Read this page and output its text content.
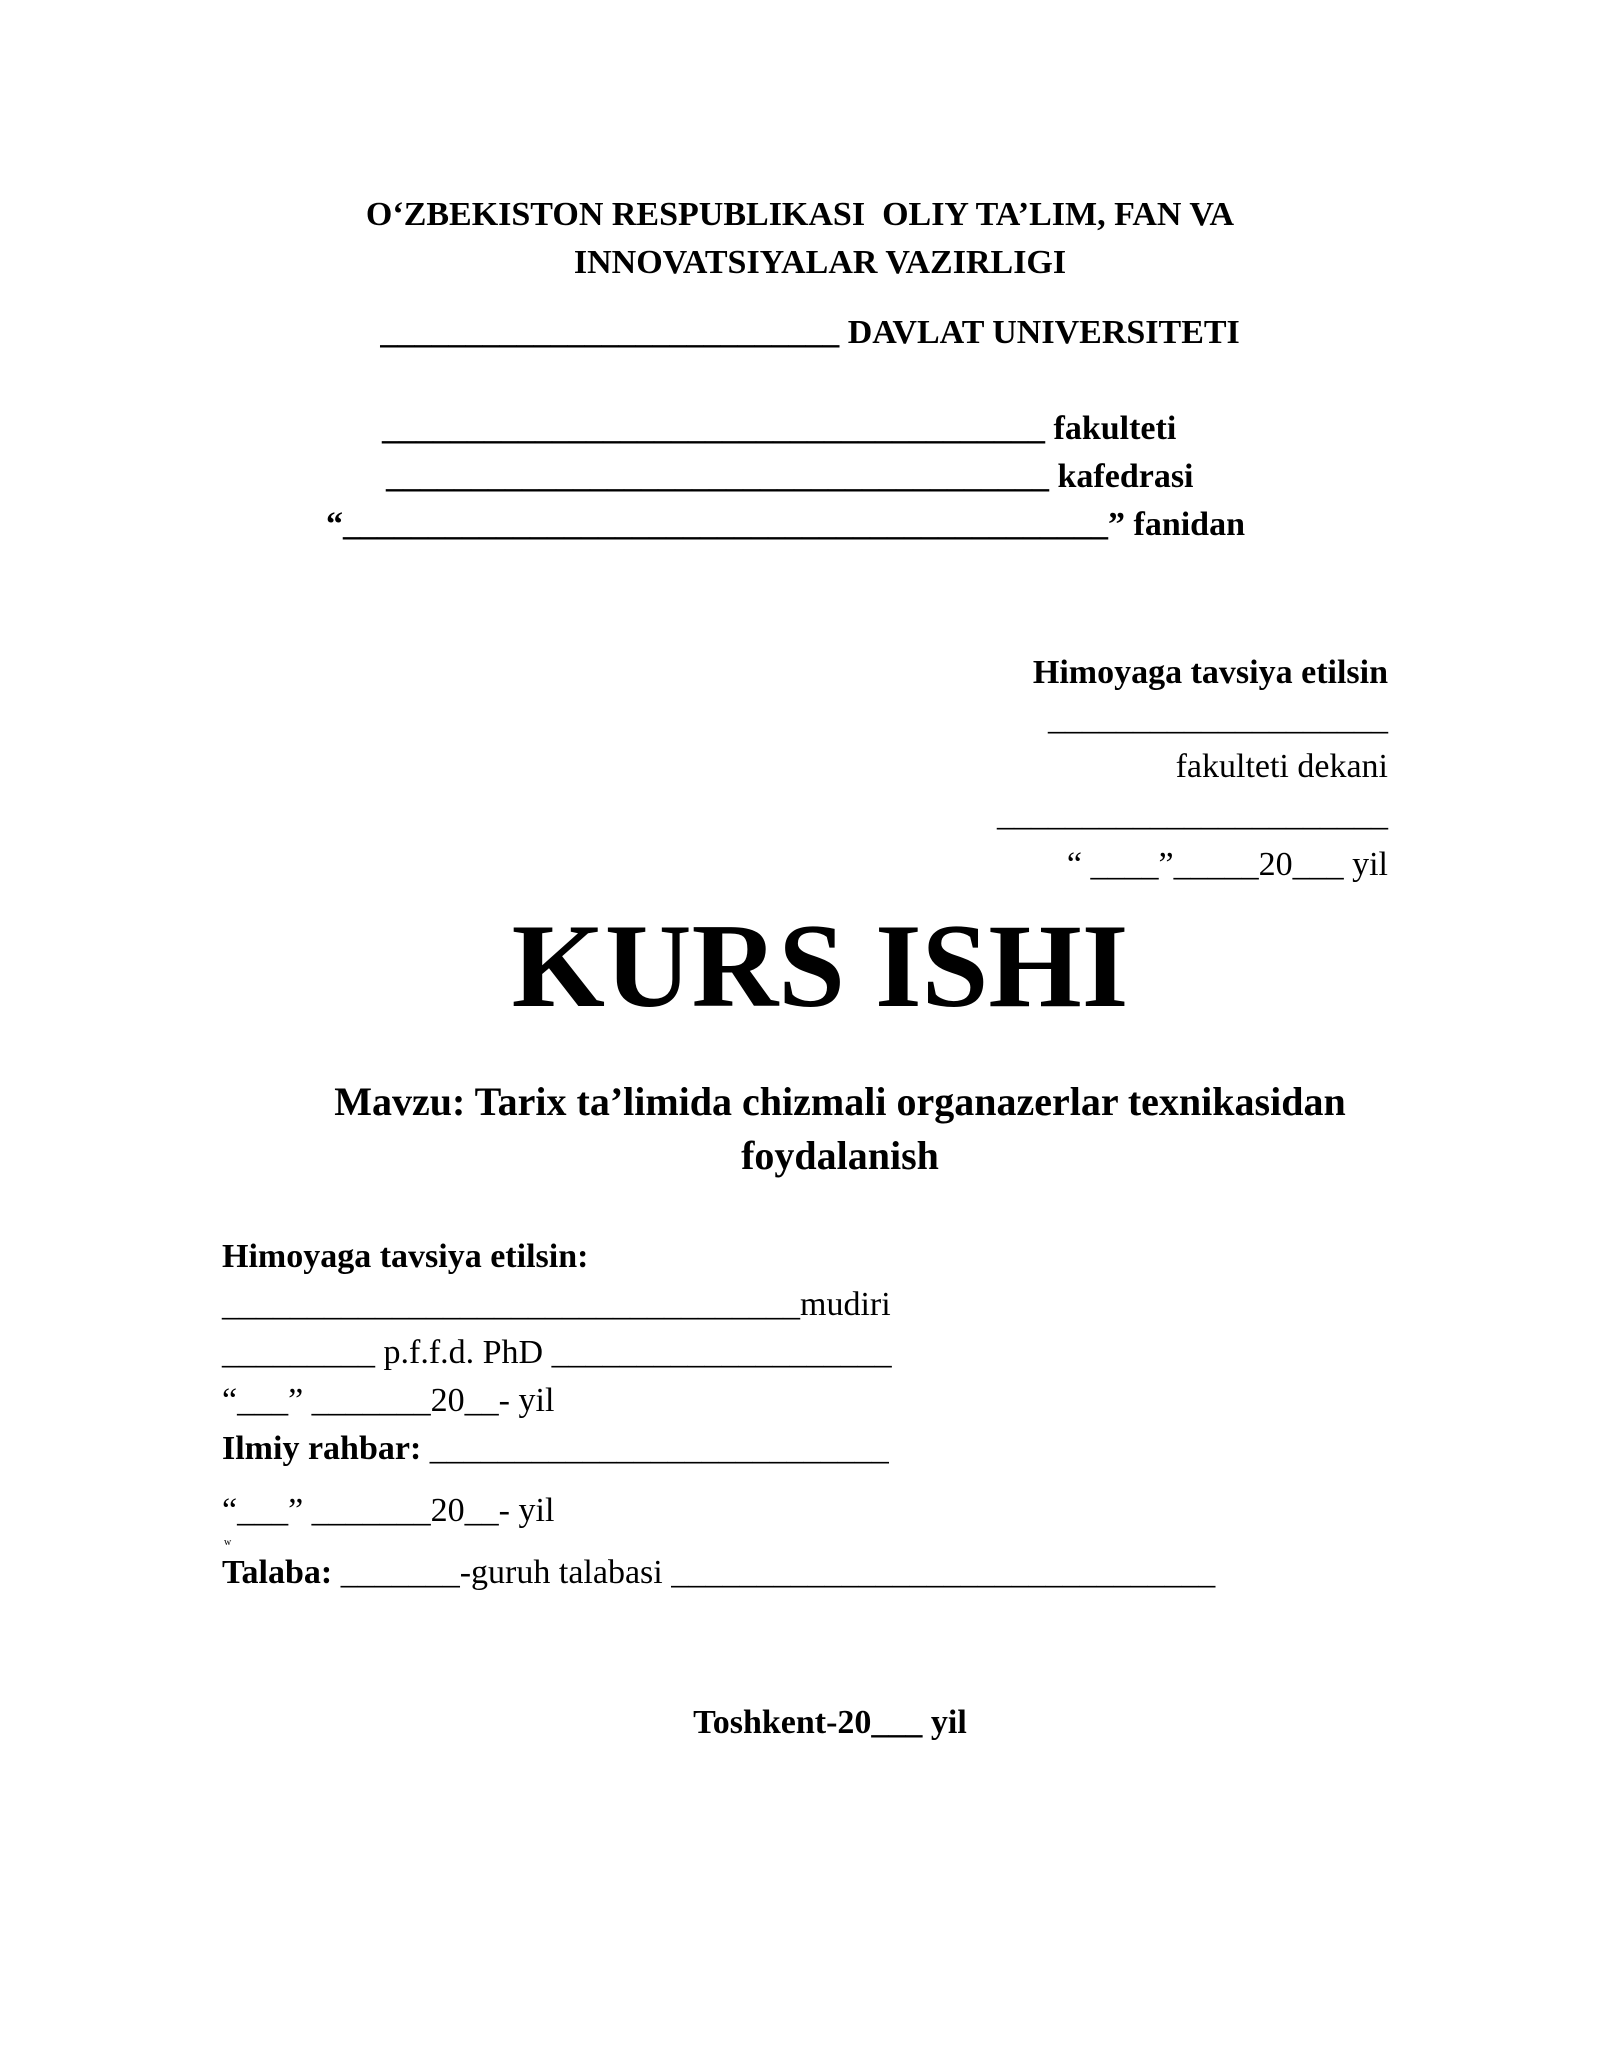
O‘ZBEKISTON RESPUBLIKASI  OLIY TA’LIM, FAN VA
INNOVATSIYALAR VAZIRLIGI
___________________________ DAVLAT UNIVERSITETI
_______________________________________ fakulteti
_______________________________________ kafedrasi
“_____________________________________________” fanidan
Himoyaga tavsiya etilsin
____________________
fakulteti dekani
_______________________
“ ____”_____20___ yil
KURS ISHI
Mavzu: Tarix ta’limida chizmali organazerlar texnikasidan
foydalanish
Himoyaga tavsiya etilsin:
__________________________________mudiri
_________ p.f.f.d. PhD ____________________
“___” _______20__- yil
Ilmiy rahbar: ___________________________
“___” _______20__- yil
w
Talaba: _______-guruh talabasi ________________________________
Toshkent-20___ yil
